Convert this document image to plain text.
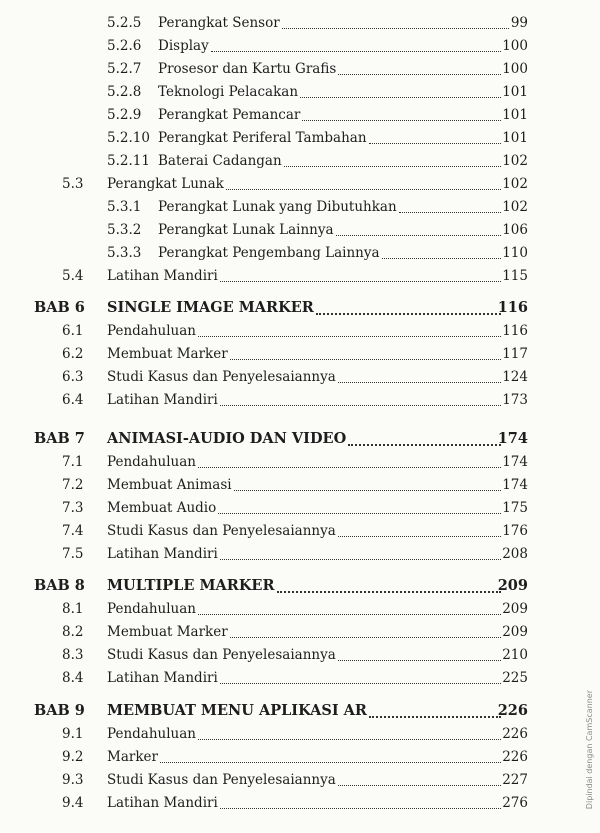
5.2.5 Perangkat Sensor	99
5.2.6 Display	100
5.2.7 Prosesor dan Kartu Grafis	100
5.2.8 Teknologi Pelacakan	101
5.2.9 Perangkat Pemancar	101
5.2.10 Perangkat Periferal Tambahan	101
5.2.11 Baterai Cadangan	102
5.3 Perangkat Lunak	102
5.3.1 Perangkat Lunak yang Dibutuhkan	102
5.3.2 Perangkat Lunak Lainnya	106
5.3.3 Perangkat Pengembang Lainnya	110
5.4 Latihan Mandiri	115
BAB 6 SINGLE IMAGE MARKER	116
6.1 Pendahuluan	116
6.2 Membuat Marker	117
6.3 Studi Kasus dan Penyelesaiannya	124
6.4 Latihan Mandiri	173
BAB 7 ANIMASI-AUDIO DAN VIDEO	174
7.1 Pendahuluan	174
7.2 Membuat Animasi	174
7.3 Membuat Audio	175
7.4 Studi Kasus dan Penyelesaiannya	176
7.5 Latihan Mandiri	208
BAB 8 MULTIPLE MARKER	209
8.1 Pendahuluan	209
8.2 Membuat Marker	209
8.3 Studi Kasus dan Penyelesaiannya	210
8.4 Latihan Mandiri	225
BAB 9 MEMBUAT MENU APLIKASI AR	226
9.1 Pendahuluan	226
9.2 Marker	226
9.3 Studi Kasus dan Penyelesaiannya	227
9.4 Latihan Mandiri	276	Dipindai dengan CamScanner
